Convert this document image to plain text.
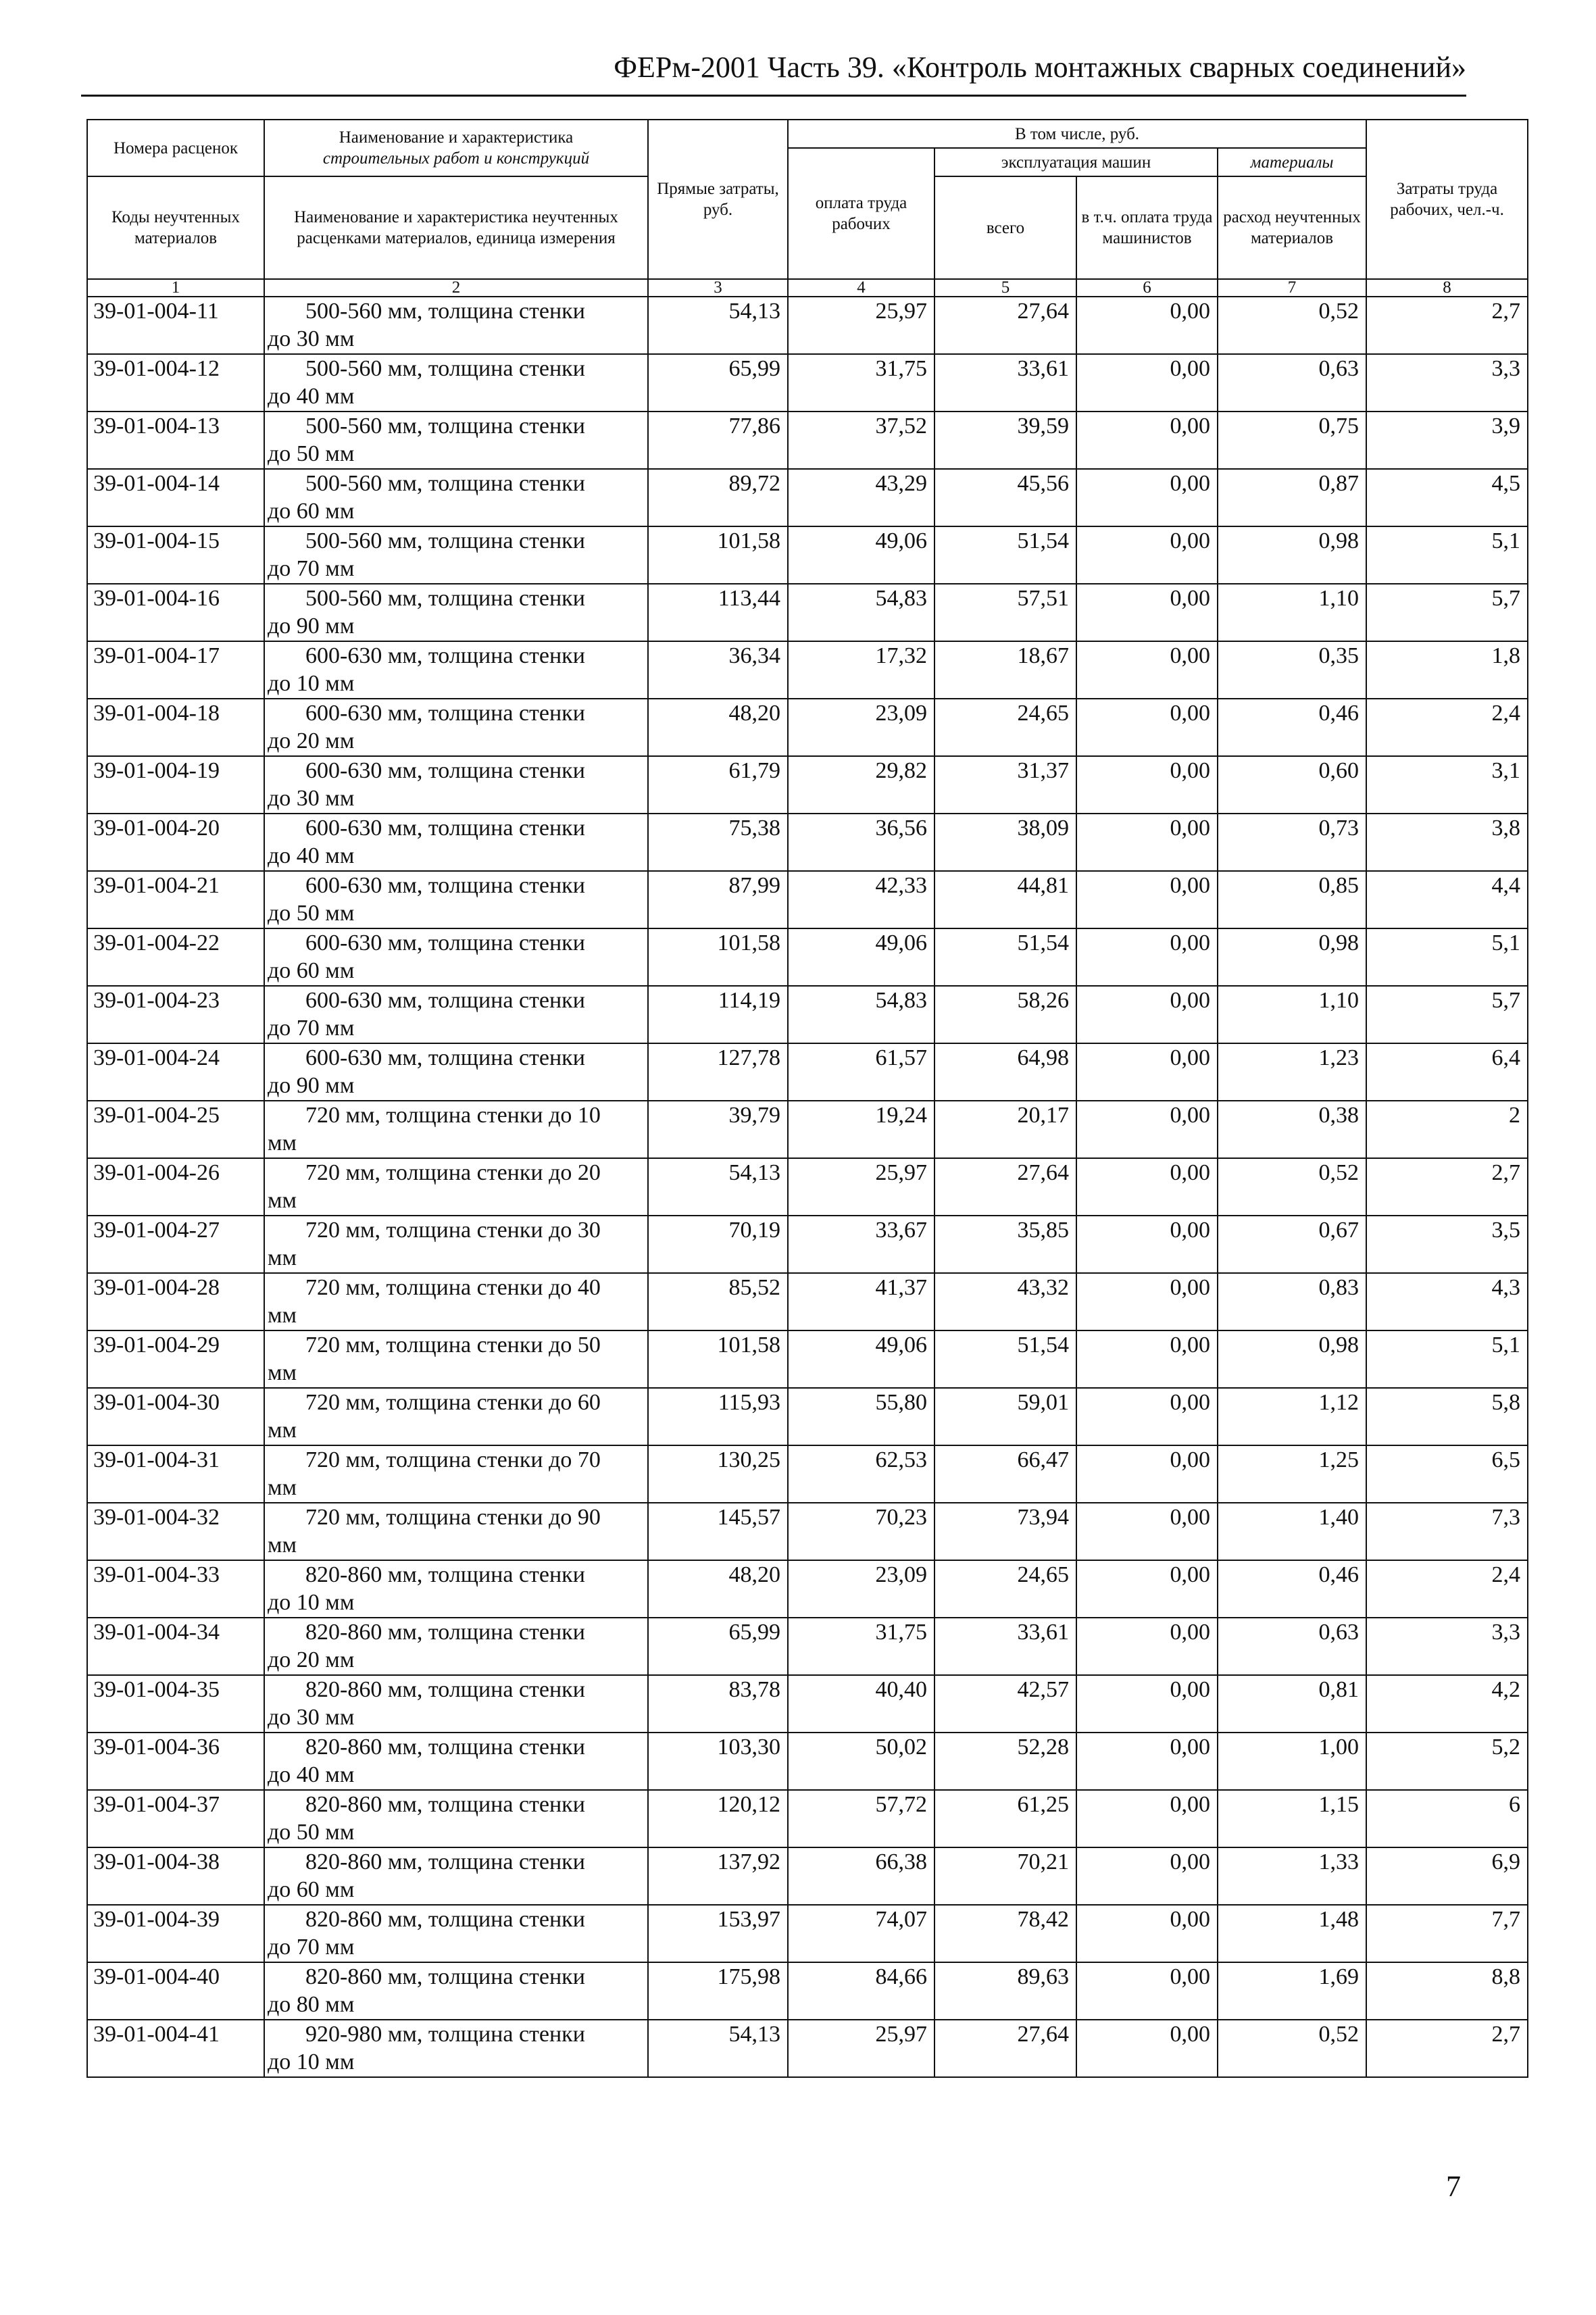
ФЕРм-2001 Часть 39. «Контроль монтажных сварных соединений»
Номера расценок	Наименование и характеристика
строительных работ и конструкций	Прямые затраты, руб.	В том числе, руб.				Затраты труда рабочих, чел.-ч.
			оплата труда рабочих	эксплуатация машин		материалы	
Коды неучтенных материалов	Наименование и характеристика неучтенных расценками материалов, единица измерения			всего	в т.ч. оплата труда машинистов	расход неучтенных материалов	
1	2	3	4	5	6	7	8
39-01-004-11	500-560 мм, толщина стенки
до 30 мм	54,13	25,97	27,64	0,00	0,52	2,7
39-01-004-12	500-560 мм, толщина стенки
до 40 мм	65,99	31,75	33,61	0,00	0,63	3,3
39-01-004-13	500-560 мм, толщина стенки
до 50 мм	77,86	37,52	39,59	0,00	0,75	3,9
39-01-004-14	500-560 мм, толщина стенки
до 60 мм	89,72	43,29	45,56	0,00	0,87	4,5
39-01-004-15	500-560 мм, толщина стенки
до 70 мм	101,58	49,06	51,54	0,00	0,98	5,1
39-01-004-16	500-560 мм, толщина стенки
до 90 мм	113,44	54,83	57,51	0,00	1,10	5,7
39-01-004-17	600-630 мм, толщина стенки
до 10 мм	36,34	17,32	18,67	0,00	0,35	1,8
39-01-004-18	600-630 мм, толщина стенки
до 20 мм	48,20	23,09	24,65	0,00	0,46	2,4
39-01-004-19	600-630 мм, толщина стенки
до 30 мм	61,79	29,82	31,37	0,00	0,60	3,1
39-01-004-20	600-630 мм, толщина стенки
до 40 мм	75,38	36,56	38,09	0,00	0,73	3,8
39-01-004-21	600-630 мм, толщина стенки
до 50 мм	87,99	42,33	44,81	0,00	0,85	4,4
39-01-004-22	600-630 мм, толщина стенки
до 60 мм	101,58	49,06	51,54	0,00	0,98	5,1
39-01-004-23	600-630 мм, толщина стенки
до 70 мм	114,19	54,83	58,26	0,00	1,10	5,7
39-01-004-24	600-630 мм, толщина стенки
до 90 мм	127,78	61,57	64,98	0,00	1,23	6,4
39-01-004-25	720 мм, толщина стенки до 10
мм	39,79	19,24	20,17	0,00	0,38	2
39-01-004-26	720 мм, толщина стенки до 20
мм	54,13	25,97	27,64	0,00	0,52	2,7
39-01-004-27	720 мм, толщина стенки до 30
мм	70,19	33,67	35,85	0,00	0,67	3,5
39-01-004-28	720 мм, толщина стенки до 40
мм	85,52	41,37	43,32	0,00	0,83	4,3
39-01-004-29	720 мм, толщина стенки до 50
мм	101,58	49,06	51,54	0,00	0,98	5,1
39-01-004-30	720 мм, толщина стенки до 60
мм	115,93	55,80	59,01	0,00	1,12	5,8
39-01-004-31	720 мм, толщина стенки до 70
мм	130,25	62,53	66,47	0,00	1,25	6,5
39-01-004-32	720 мм, толщина стенки до 90
мм	145,57	70,23	73,94	0,00	1,40	7,3
39-01-004-33	820-860 мм, толщина стенки
до 10 мм	48,20	23,09	24,65	0,00	0,46	2,4
39-01-004-34	820-860 мм, толщина стенки
до 20 мм	65,99	31,75	33,61	0,00	0,63	3,3
39-01-004-35	820-860 мм, толщина стенки
до 30 мм	83,78	40,40	42,57	0,00	0,81	4,2
39-01-004-36	820-860 мм, толщина стенки
до 40 мм	103,30	50,02	52,28	0,00	1,00	5,2
39-01-004-37	820-860 мм, толщина стенки
до 50 мм	120,12	57,72	61,25	0,00	1,15	6
39-01-004-38	820-860 мм, толщина стенки
до 60 мм	137,92	66,38	70,21	0,00	1,33	6,9
39-01-004-39	820-860 мм, толщина стенки
до 70 мм	153,97	74,07	78,42	0,00	1,48	7,7
39-01-004-40	820-860 мм, толщина стенки
до 80 мм	175,98	84,66	89,63	0,00	1,69	8,8
39-01-004-41	920-980 мм, толщина стенки
до 10 мм	54,13	25,97	27,64	0,00	0,52	2,7
7
